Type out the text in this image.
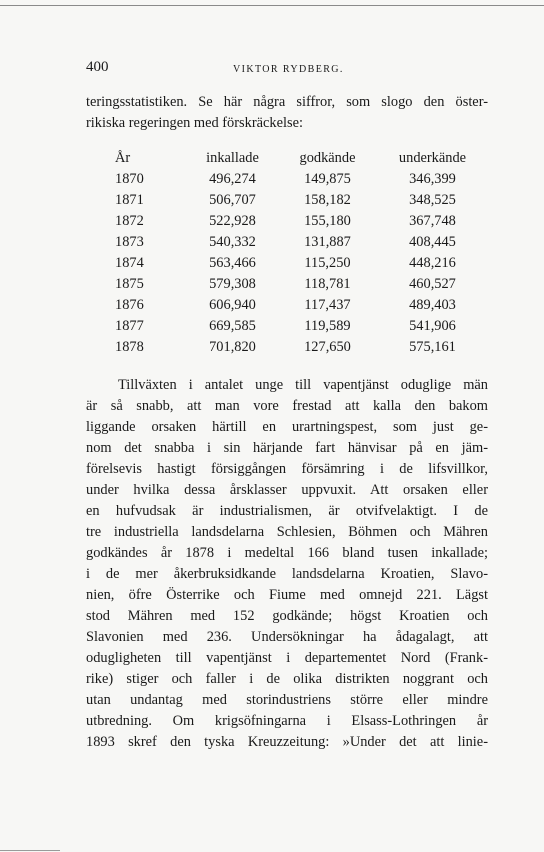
400	VIKTOR RYDBERG.
teringsstatistiken. Se här några siffror, som slogo den öster-
rikiska regeringen med förskräckelse:
År	inkallade	godkände	underkände
1870	496,274	149,875	346,399
1871	506,707	158,182	348,525
1872	522,928	155,180	367,748
1873	540,332	131,887	408,445
1874	563,466	115,250	448,216
1875	579,308	118,781	460,527
1876	606,940	117,437	489,403
1877	669,585	119,589	541,906
1878	701,820	127,650	575,161
Tillväxten i antalet unge till vapentjänst oduglige män
är så snabb, att man vore frestad att kalla den bakom
liggande orsaken härtill en urartningspest, som just ge-
nom det snabba i sin härjande fart hänvisar på en jäm-
förelsevis hastigt försiggången försämring i de lifsvillkor,
under hvilka dessa årsklasser uppvuxit. Att orsaken eller
en hufvudsak är industrialismen, är otvifvelaktigt. I de
tre industriella landsdelarna Schlesien, Böhmen och Mähren
godkändes år 1878 i medeltal 166 bland tusen inkallade;
i de mer åkerbruksidkande landsdelarna Kroatien, Slavo-
nien, öfre Österrike och Fiume med omnejd 221. Lägst
stod Mähren med 152 godkände; högst Kroatien och
Slavonien med 236. Undersökningar ha ådagalagt, att
odugligheten till vapentjänst i departementet Nord (Frank-
rike) stiger och faller i de olika distrikten noggrant och
utan undantag med storindustriens större eller mindre
utbredning. Om krigsöfningarna i Elsass-Lothringen år
1893 skref den tyska Kreuzzeitung: »Under det att linie-
